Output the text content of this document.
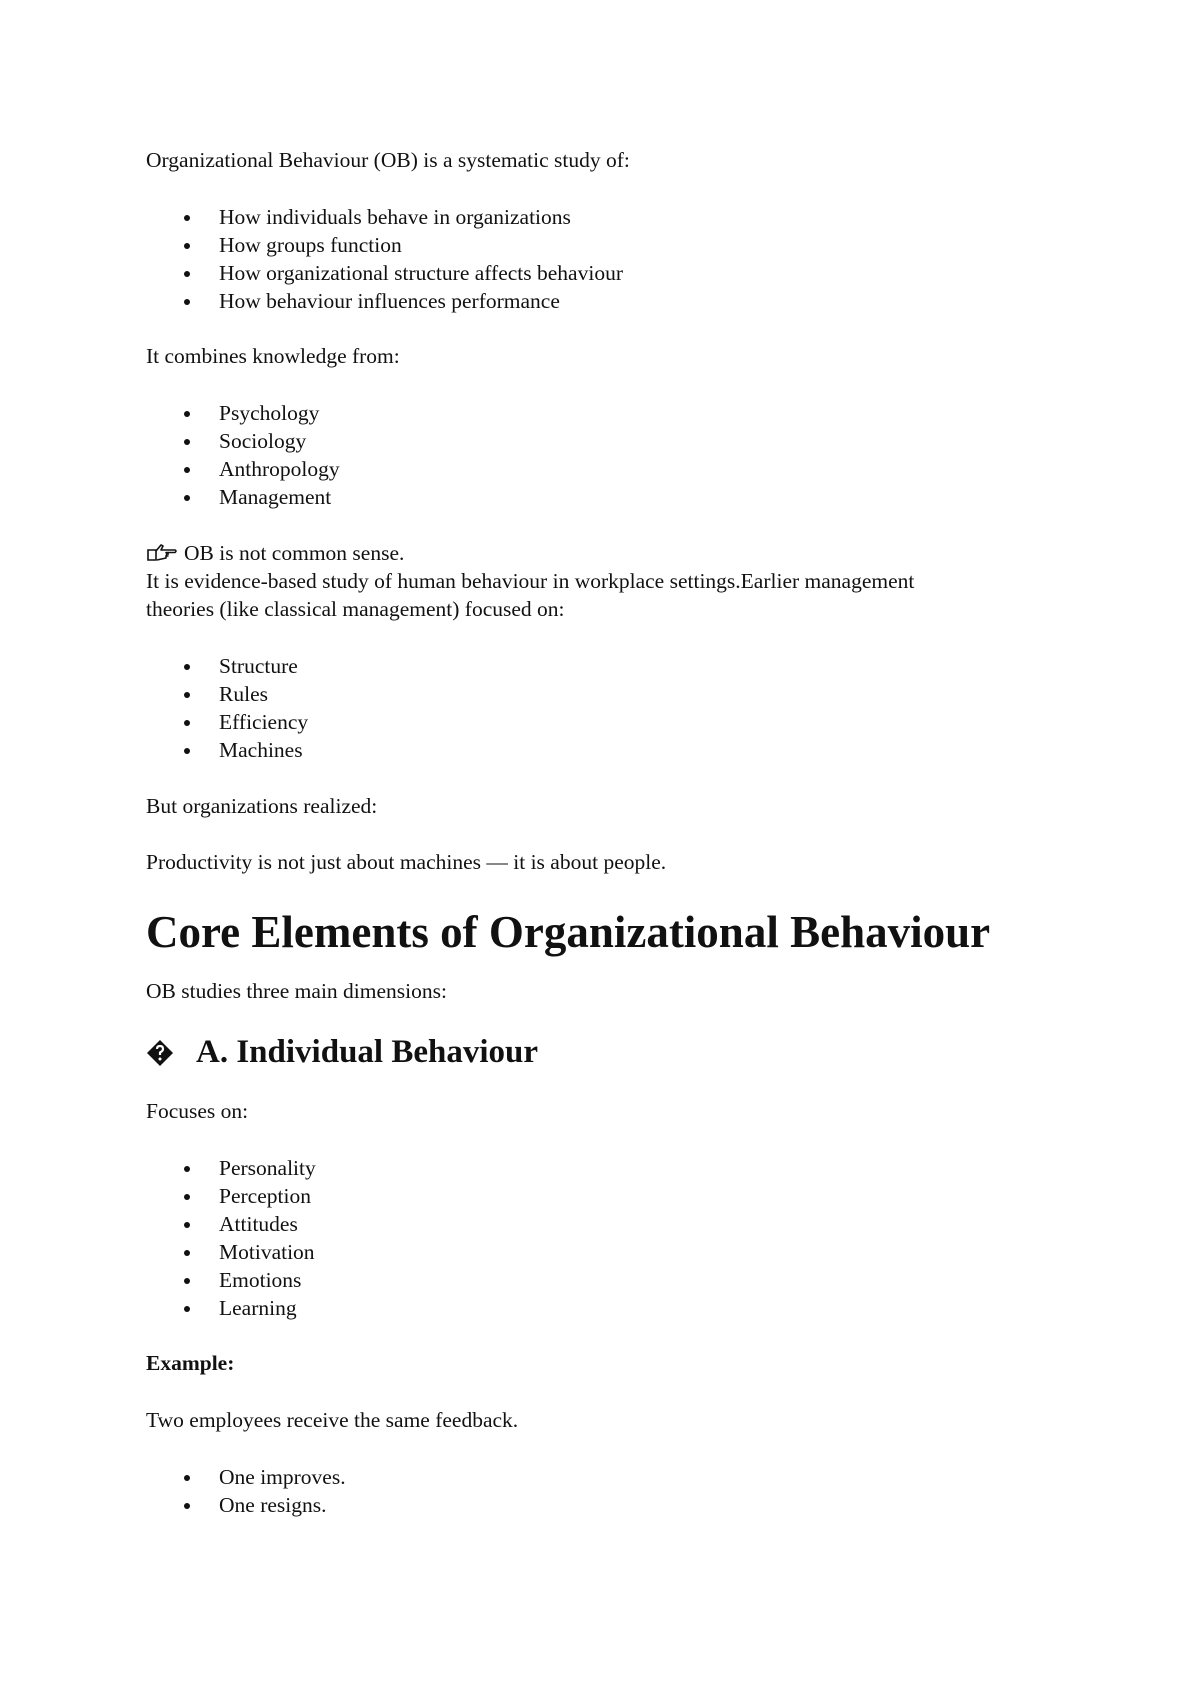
Organizational Behaviour (OB) is a systematic study of:

How individuals behave in organizations
How groups function
How organizational structure affects behaviour
How behaviour influences performance

It combines knowledge from:

Psychology
Sociology
Anthropology
Management

OB is not common sense.

It is evidence-based study of human behaviour in workplace settings.Earlier management

theories (like classical management) focused on:

Structure
Rules
Efficiency
Machines

But organizations realized:

Productivity is not just about machines — it is about people.

Core Elements of Organizational Behaviour

OB studies three main dimensions:

A. Individual Behaviour

Focuses on:

Personality
Perception
Attitudes
Motivation
Emotions
Learning

Example:

Two employees receive the same feedback.

One improves.
One resigns.
